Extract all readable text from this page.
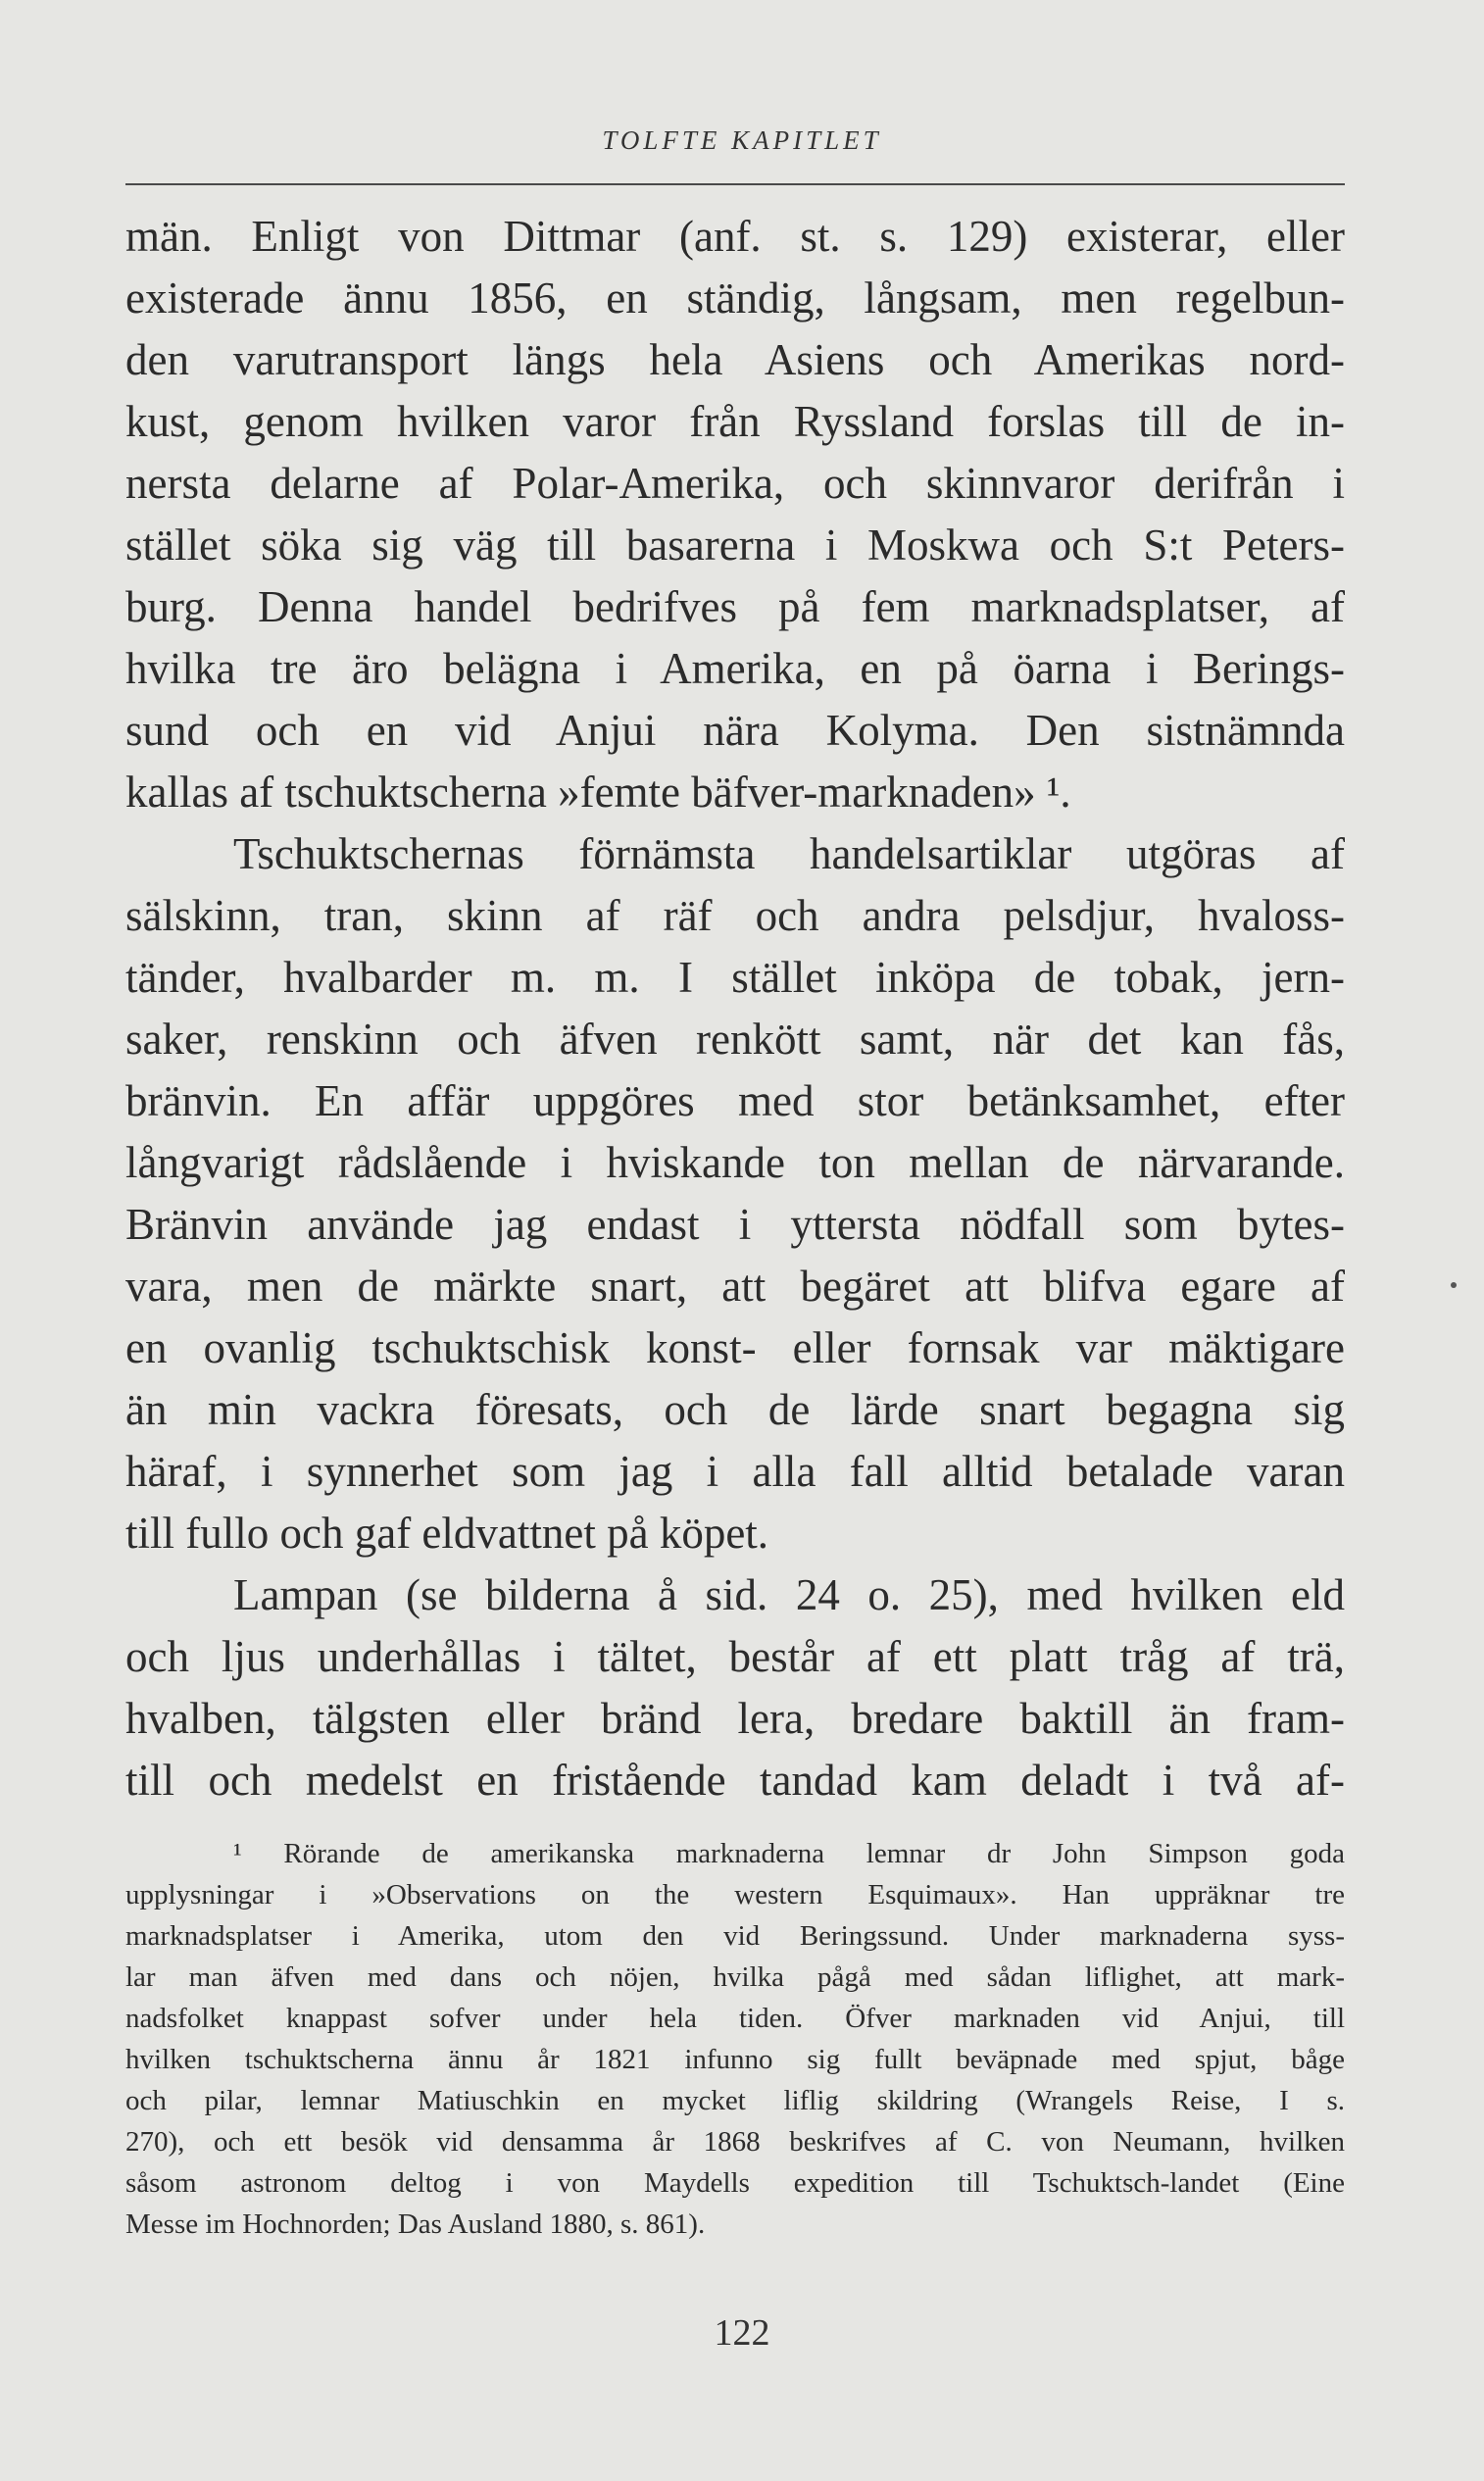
TOLFTE KAPITLET
män. Enligt von Dittmar (anf. st. s. 129) existerar, eller
existerade ännu 1856, en ständig, långsam, men regelbun-
den varutransport längs hela Asiens och Amerikas nord-
kust, genom hvilken varor från Ryssland forslas till de in-
nersta delarne af Polar-Amerika, och skinnvaror derifrån i
stället söka sig väg till basarerna i Moskwa och S:t Peters-
burg. Denna handel bedrifves på fem marknadsplatser, af
hvilka tre äro belägna i Amerika, en på öarna i Berings-
sund och en vid Anjui nära Kolyma. Den sistnämnda
kallas af tschuktscherna »femte bäfver-marknaden» ¹.
Tschuktschernas förnämsta handelsartiklar utgöras af
sälskinn, tran, skinn af räf och andra pelsdjur, hvaloss-
tänder, hvalbarder m. m. I stället inköpa de tobak, jern-
saker, renskinn och äfven renkött samt, när det kan fås,
bränvin. En affär uppgöres med stor betänksamhet, efter
långvarigt rådslående i hviskande ton mellan de närvarande.
Bränvin använde jag endast i yttersta nödfall som bytes-
vara, men de märkte snart, att begäret att blifva egare af
en ovanlig tschuktschisk konst- eller fornsak var mäktigare
än min vackra föresats, och de lärde snart begagna sig
häraf, i synnerhet som jag i alla fall alltid betalade varan
till fullo och gaf eldvattnet på köpet.
Lampan (se bilderna å sid. 24 o. 25), med hvilken eld
och ljus underhållas i tältet, består af ett platt tråg af trä,
hvalben, tälgsten eller bränd lera, bredare baktill än fram-
till och medelst en fristående tandad kam deladt i två af-
¹ Rörande de amerikanska marknaderna lemnar dr John Simpson goda
upplysningar i »Observations on the western Esquimaux». Han uppräknar tre
marknadsplatser i Amerika, utom den vid Beringssund. Under marknaderna syss-
lar man äfven med dans och nöjen, hvilka pågå med sådan liflighet, att mark-
nadsfolket knappast sofver under hela tiden. Öfver marknaden vid Anjui, till
hvilken tschuktscherna ännu år 1821 infunno sig fullt beväpnade med spjut, båge
och pilar, lemnar Matiuschkin en mycket liflig skildring (Wrangels Reise, I s.
270), och ett besök vid densamma år 1868 beskrifves af C. von Neumann, hvilken
såsom astronom deltog i von Maydells expedition till Tschuktsch-landet (Eine
Messe im Hochnorden; Das Ausland 1880, s. 861).
122
